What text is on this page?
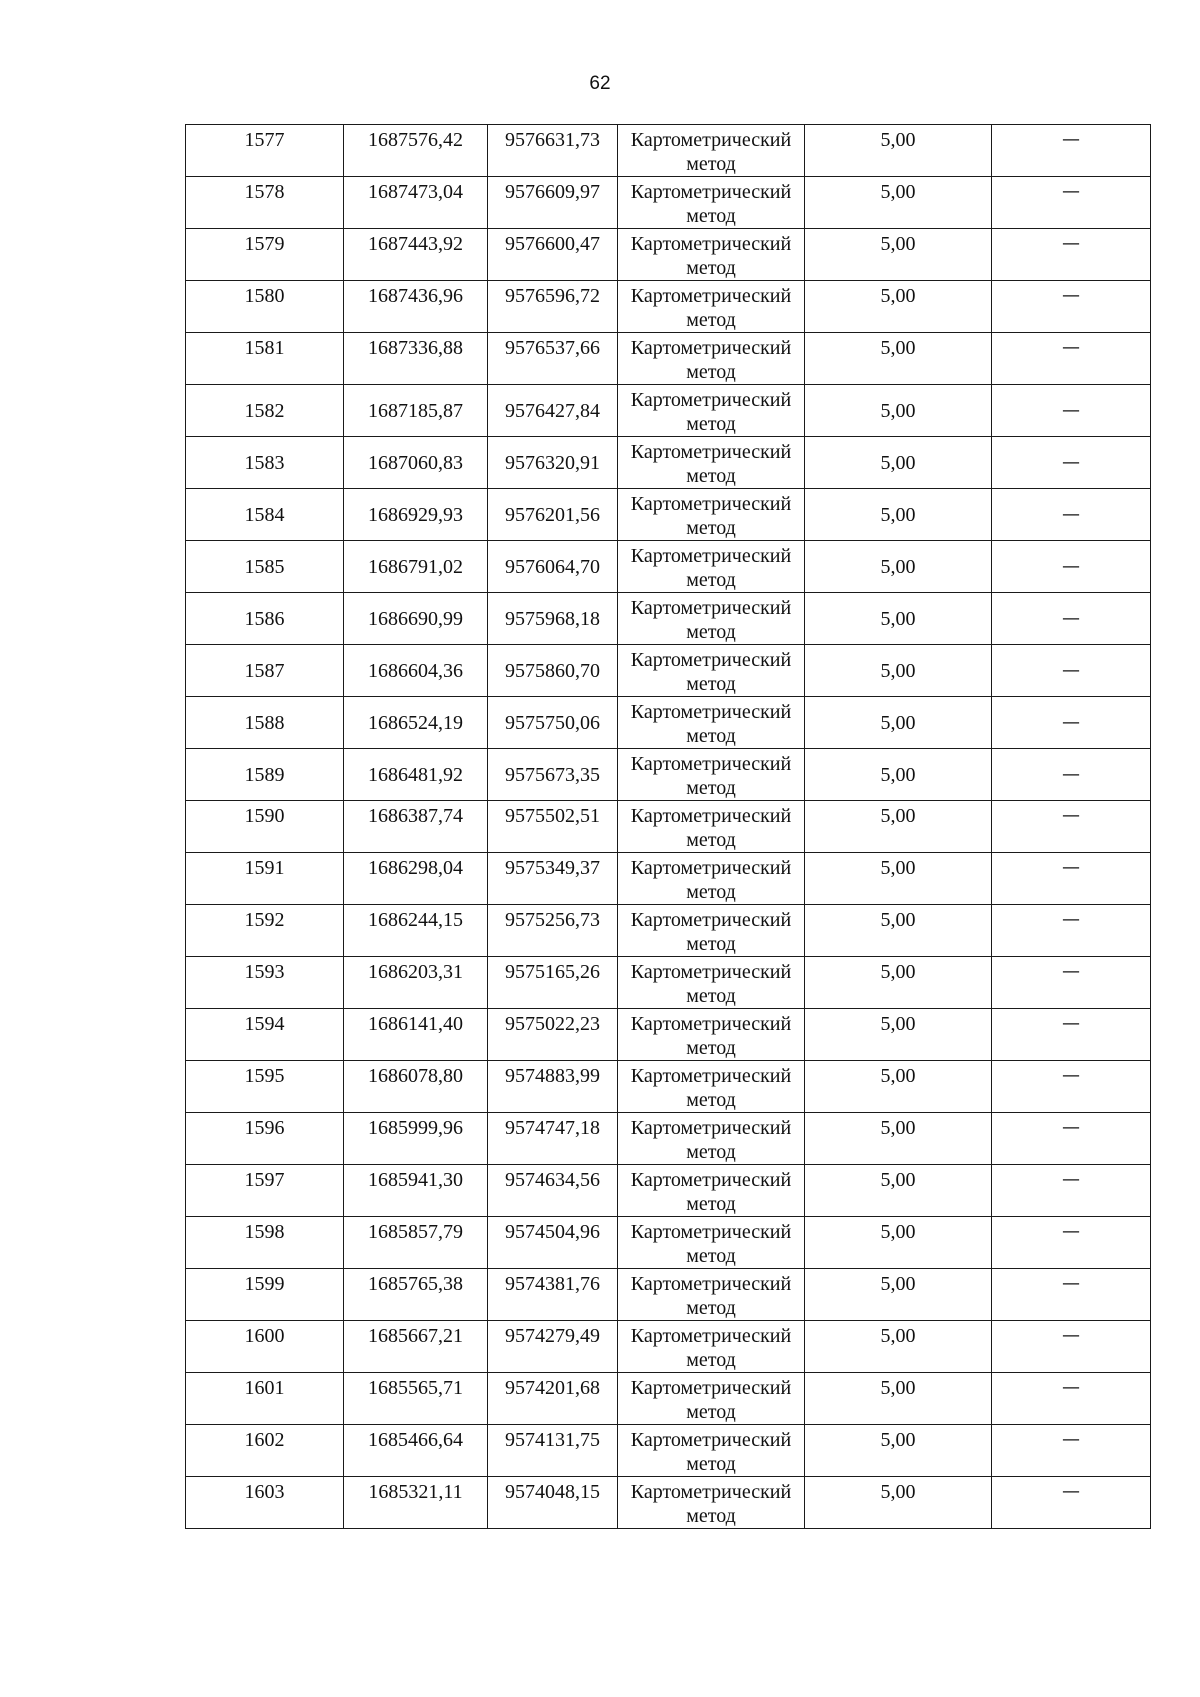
62
1577	1687576,42	9576631,73	Картометрический метод	5,00	—
1578	1687473,04	9576609,97	Картометрический метод	5,00	—
1579	1687443,92	9576600,47	Картометрический метод	5,00	—
1580	1687436,96	9576596,72	Картометрический метод	5,00	—
1581	1687336,88	9576537,66	Картометрический метод	5,00	—
1582	1687185,87	9576427,84	Картометрический метод	5,00	—
1583	1687060,83	9576320,91	Картометрический метод	5,00	—
1584	1686929,93	9576201,56	Картометрический метод	5,00	—
1585	1686791,02	9576064,70	Картометрический метод	5,00	—
1586	1686690,99	9575968,18	Картометрический метод	5,00	—
1587	1686604,36	9575860,70	Картометрический метод	5,00	—
1588	1686524,19	9575750,06	Картометрический метод	5,00	—
1589	1686481,92	9575673,35	Картометрический метод	5,00	—
1590	1686387,74	9575502,51	Картометрический метод	5,00	—
1591	1686298,04	9575349,37	Картометрический метод	5,00	—
1592	1686244,15	9575256,73	Картометрический метод	5,00	—
1593	1686203,31	9575165,26	Картометрический метод	5,00	—
1594	1686141,40	9575022,23	Картометрический метод	5,00	—
1595	1686078,80	9574883,99	Картометрический метод	5,00	—
1596	1685999,96	9574747,18	Картометрический метод	5,00	—
1597	1685941,30	9574634,56	Картометрический метод	5,00	—
1598	1685857,79	9574504,96	Картометрический метод	5,00	—
1599	1685765,38	9574381,76	Картометрический метод	5,00	—
1600	1685667,21	9574279,49	Картометрический метод	5,00	—
1601	1685565,71	9574201,68	Картометрический метод	5,00	—
1602	1685466,64	9574131,75	Картометрический метод	5,00	—
1603	1685321,11	9574048,15	Картометрический метод	5,00	—
